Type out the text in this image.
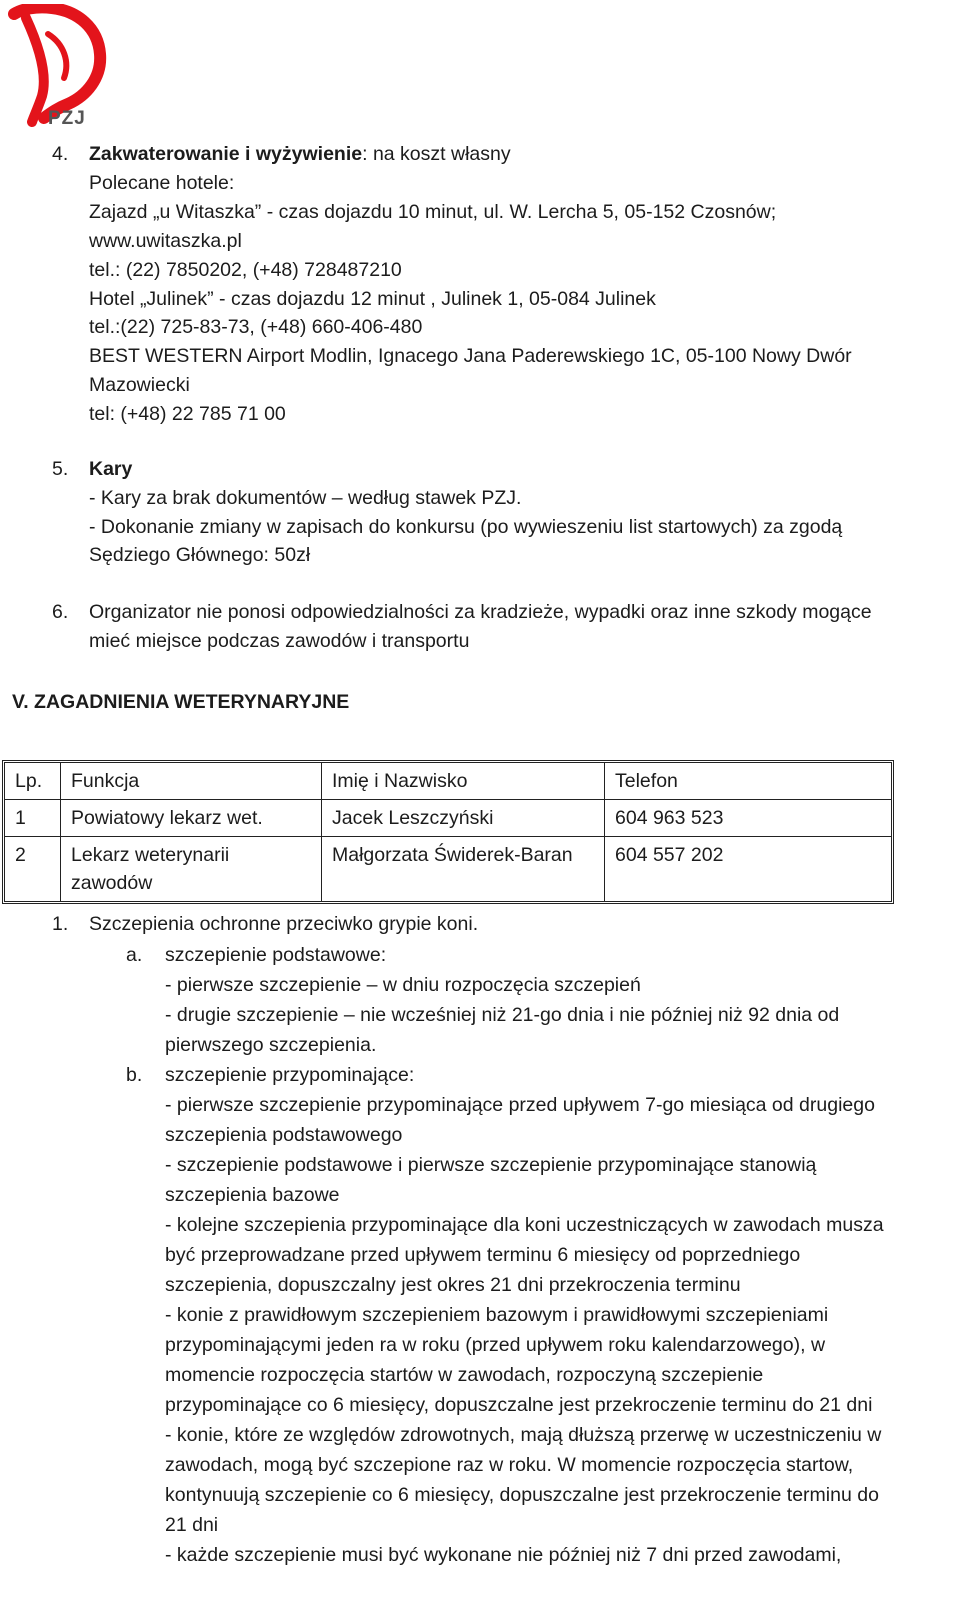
PZJ
4. Zakwaterowanie i wyżywienie: na koszt własny
Polecane hotele:
Zajazd „u Witaszka” - czas dojazdu 10 minut, ul. W. Lercha 5, 05-152 Czosnów;
www.uwitaszka.pl
tel.: (22) 7850202, (+48) 728487210
Hotel „Julinek” - czas dojazdu 12 minut , Julinek 1, 05-084 Julinek
tel.:(22) 725-83-73, (+48) 660-406-480
BEST WESTERN Airport Modlin, Ignacego Jana Paderewskiego 1C, 05-100 Nowy Dwór
Mazowiecki
tel: (+48) 22 785 71 00
5. Kary
- Kary za brak dokumentów – według stawek PZJ.
- Dokonanie zmiany w zapisach do konkursu (po wywieszeniu list startowych) za zgodą
Sędziego Głównego: 50zł
6. Organizator nie ponosi odpowiedzialności za kradzieże, wypadki oraz inne szkody mogące
mieć miejsce podczas zawodów i transportu
V. ZAGADNIENIA WETERYNARYJNE
Lp.	Funkcja	Imię i Nazwisko	Telefon
1	Powiatowy lekarz wet.	Jacek Leszczyński	604 963 523
2	Lekarz weterynarii zawodów	Małgorzata Świderek-Baran	604 557 202
1. Szczepienia ochronne przeciwko grypie koni.
a. szczepienie podstawowe:
- pierwsze szczepienie – w dniu rozpoczęcia szczepień
- drugie szczepienie – nie wcześniej niż 21-go dnia i nie później niż 92 dnia od
pierwszego szczepienia.
b. szczepienie przypominające:
- pierwsze szczepienie przypominające przed upływem 7-go miesiąca od drugiego
szczepienia podstawowego
- szczepienie podstawowe i pierwsze szczepienie przypominające stanowią
szczepienia bazowe
- kolejne szczepienia przypominające dla koni uczestniczących w zawodach musza
być przeprowadzane przed upływem terminu 6 miesięcy od poprzedniego
szczepienia, dopuszczalny jest okres 21 dni przekroczenia terminu
- konie z prawidłowym szczepieniem bazowym i prawidłowymi szczepieniami
przypominającymi jeden ra w roku (przed upływem roku kalendarzowego), w
momencie rozpoczęcia startów w zawodach, rozpoczyną szczepienie
przypominające co 6 miesięcy, dopuszczalne jest przekroczenie terminu do 21 dni
- konie, które ze względów zdrowotnych, mają dłuższą przerwę w uczestniczeniu w
zawodach, mogą być szczepione raz w roku. W momencie rozpoczęcia startow,
kontynuują szczepienie co 6 miesięcy, dopuszczalne jest przekroczenie terminu do
21 dni
- każde szczepienie musi być wykonane nie później niż 7 dni przed zawodami,
